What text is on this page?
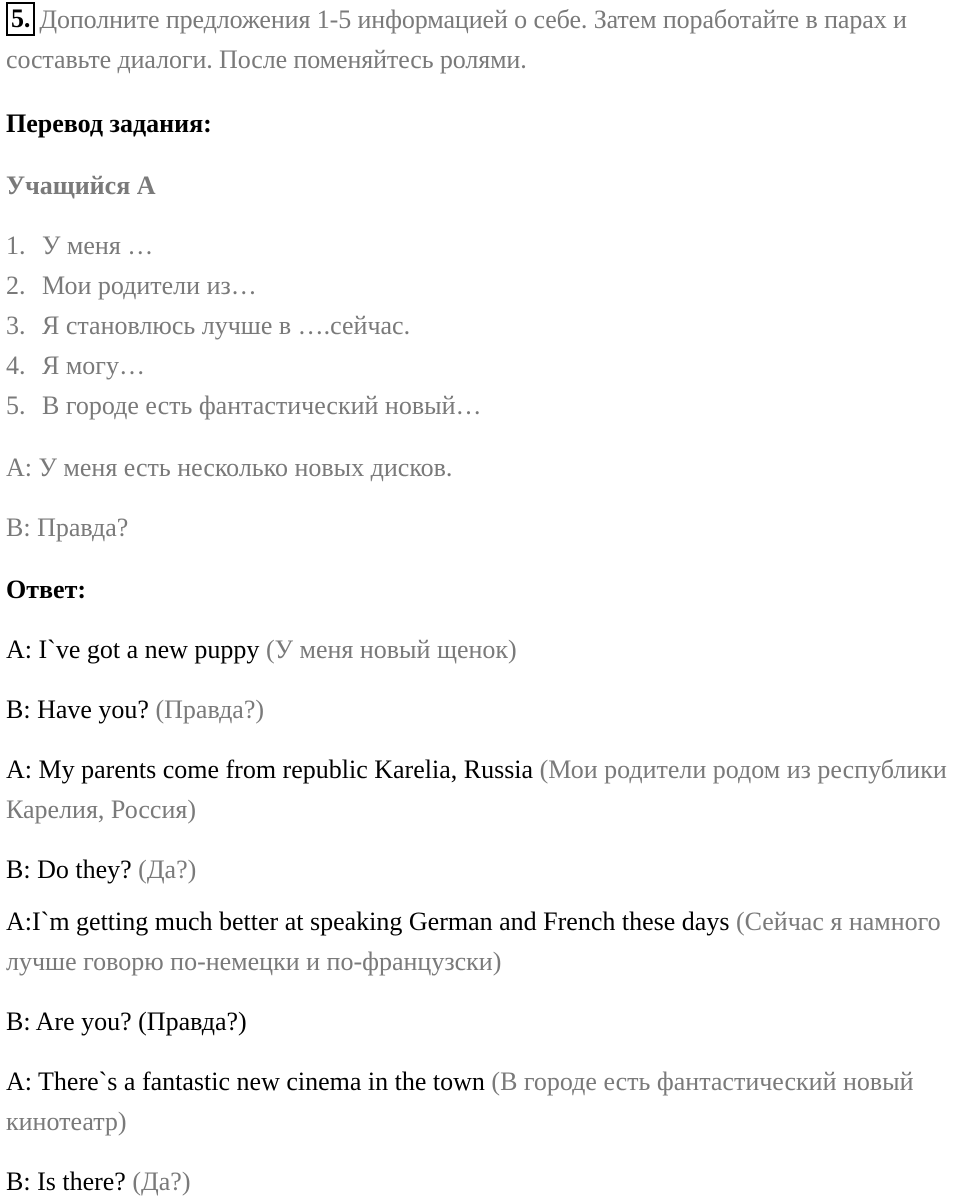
5. Дополните предложения 1-5 информацией о себе. Затем поработайте в парах и составьте диалоги. После поменяйтесь ролями.
Перевод задания:
Учащийся А
1. У меня …
2. Мои родители из…
3. Я становлюсь лучше в ….сейчас.
4. Я могу…
5. В городе есть фантастический новый…
A: У меня есть несколько новых дисков.
B: Правда?
Ответ:
A: I`ve got a new puppy (У меня новый щенок)
B: Have you? (Правда?)
A: My parents come from republic Karelia, Russia (Мои родители родом из республики Карелия, Россия)
B: Do they? (Да?)
A:I`m getting much better at speaking German and French these days (Сейчас я намного лучше говорю по-немецки и по-французски)
B: Are you? (Правда?)
A: There`s a fantastic new cinema in the town (В городе есть фантастический новый кинотеатр)
B: Is there? (Да?)
